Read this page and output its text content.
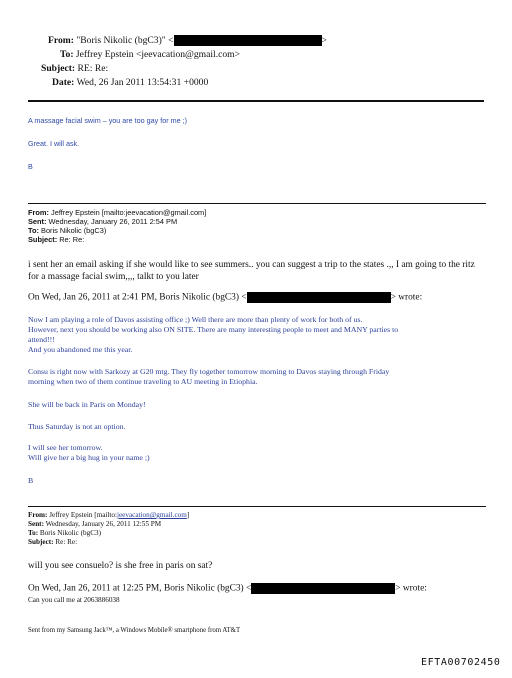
From: "Boris Nikolic (bgC3)" <	>
To: Jeffrey Epstein <jeevacation@gmail.com>
Subject: RE: Re:
Date: Wed, 26 Jan 2011 13:54:31 +0000
A massage facial swim – you are too gay for me ;)
Great. I will ask.
B
From: Jeffrey Epstein [mailto:jeevacation@gmail.com]
Sent: Wednesday, January 26, 2011 2:54 PM
To: Boris Nikolic (bgC3)
Subject: Re: Re:
i sent her an email asking if she would like to see summers.. you can suggest a trip to the states .,, I am going to the ritz for a massage facial swim,,,, talkt to you later
On Wed, Jan 26, 2011 at 2:41 PM, Boris Nikolic (bgC3) <	> wrote:
Now I am playing a role of Davos assisting office ;) Well there are more than plenty of work for both of us.
However, next you should be working also ON SITE. There are many interesting people to meet and MANY parties to
attend!!!
And you abandoned me this year.
Consu is right now with Sarkozy at G20 mtg. They fly together tomorrow morning to Davos staying through Friday
morning when two of them continue traveling to AU meeting in Etiophia.
She will be back in Paris on Monday!
Thus Saturday is not an option.
I will see her tomorrow.
Will give her a big hug in your name ;)
B
From: Jeffrey Epstein [mailto:jeevacation@gmail.com]
Sent: Wednesday, January 26, 2011 12:55 PM
To: Boris Nikolic (bgC3)
Subject: Re: Re:
will you see consuelo? is she free in paris on sat?
On Wed, Jan 26, 2011 at 12:25 PM, Boris Nikolic (bgC3) <	> wrote:
Can you call me at 2063886038
Sent from my Samsung Jack™, a Windows Mobile® smartphone from AT&T
EFTA00702450
